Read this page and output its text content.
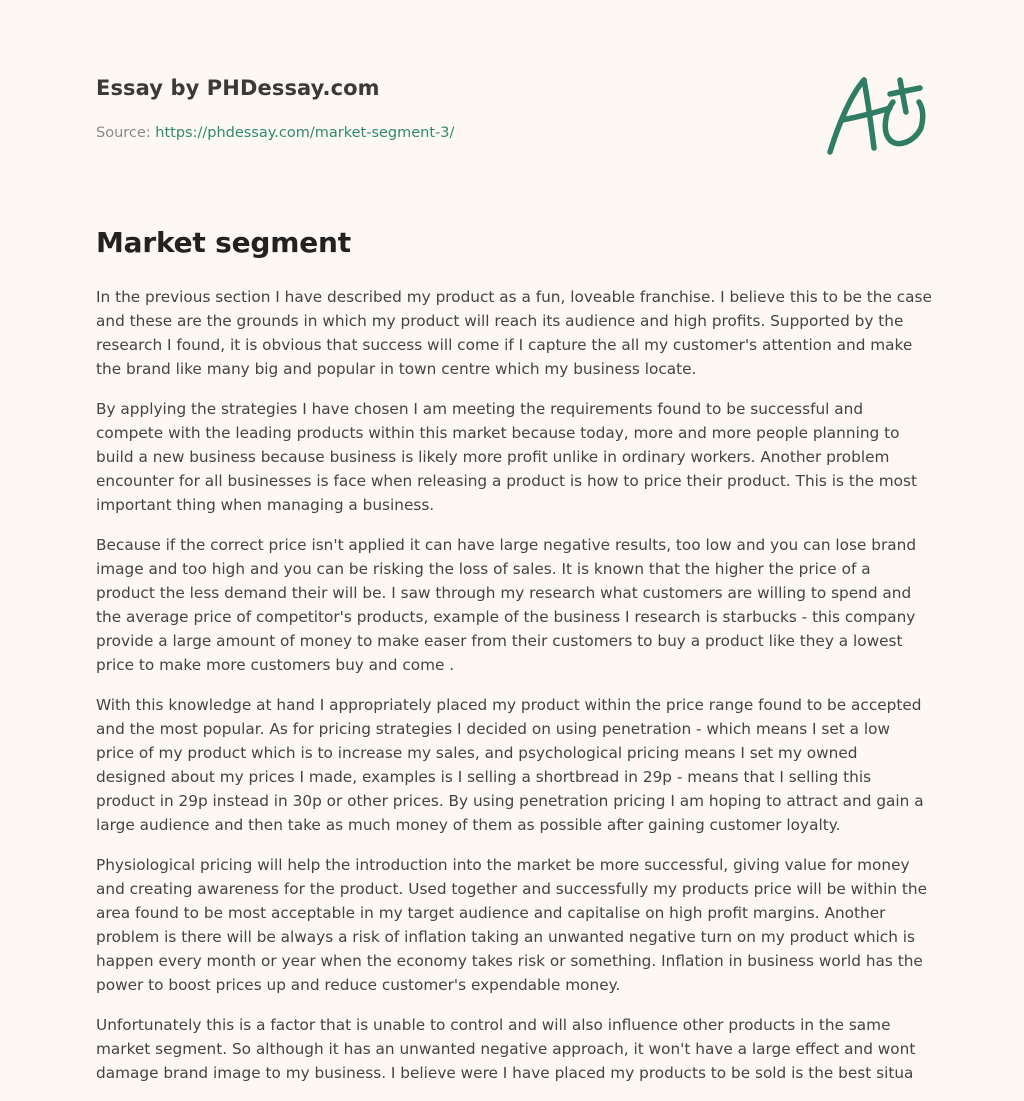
Essay by PHDessay.com
Source: https://phdessay.com/market-segment-3/
Market segment

In the previous section I have described my product as a fun, loveable franchise. I believe this to be the case and these are the grounds in which my product will reach its audience and high profits. Supported by the research I found, it is obvious that success will come if I capture the all my customer's attention and make the brand like many big and popular in town centre which my business locate.

By applying the strategies I have chosen I am meeting the requirements found to be successful and compete with the leading products within this market because today, more and more people planning to build a new business because business is likely more profit unlike in ordinary workers. Another problem encounter for all businesses is face when releasing a product is how to price their product. This is the most important thing when managing a business.

Because if the correct price isn't applied it can have large negative results, too low and you can lose brand image and too high and you can be risking the loss of sales. It is known that the higher the price of a product the less demand their will be. I saw through my research what customers are willing to spend and the average price of competitor's products, example of the business I research is starbucks - this company provide a large amount of money to make easer from their customers to buy a product like they a lowest price to make more customers buy and come .

With this knowledge at hand I appropriately placed my product within the price range found to be accepted and the most popular. As for pricing strategies I decided on using penetration - which means I set a low price of my product which is to increase my sales, and psychological pricing means I set my owned designed about my prices I made, examples is I selling a shortbread in 29p - means that I selling this product in 29p instead in 30p or other prices. By using penetration pricing I am hoping to attract and gain a large audience and then take as much money of them as possible after gaining customer loyalty.

Physiological pricing will help the introduction into the market be more successful, giving value for money and creating awareness for the product. Used together and successfully my products price will be within the area found to be most acceptable in my target audience and capitalise on high profit margins. Another problem is there will be always a risk of inflation taking an unwanted negative turn on my product which is happen every month or year when the economy takes risk or something. Inflation in business world has the power to boost prices up and reduce customer's expendable money.

Unfortunately this is a factor that is unable to control and will also influence other products in the same market segment. So although it has an unwanted negative approach, it won't have a large effect and wont damage brand image to my business. I believe were I have placed my products to be sold is the best situa
